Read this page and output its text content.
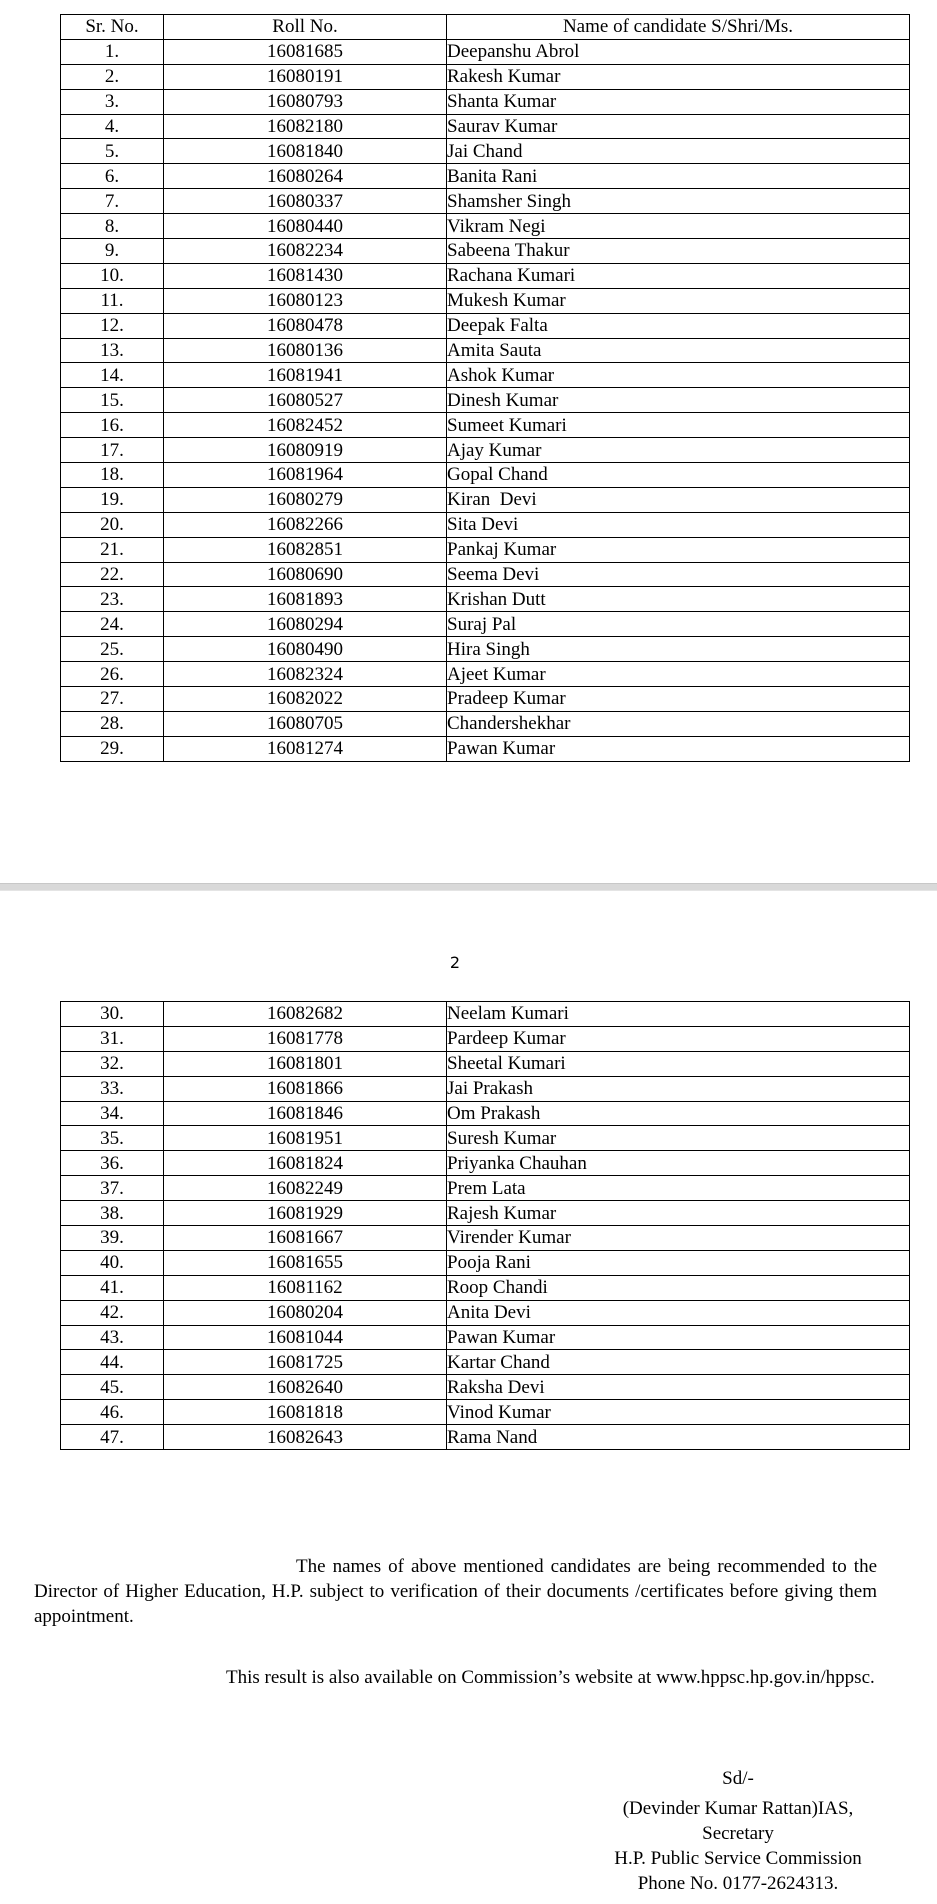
Sr. No.	Roll No.	Name of candidate S/Shri/Ms.
1.	16081685	Deepanshu Abrol
2.	16080191	Rakesh Kumar
3.	16080793	Shanta Kumar
4.	16082180	Saurav Kumar
5.	16081840	Jai Chand
6.	16080264	Banita Rani
7.	16080337	Shamsher Singh
8.	16080440	Vikram Negi
9.	16082234	Sabeena Thakur
10.	16081430	Rachana Kumari
11.	16080123	Mukesh Kumar
12.	16080478	Deepak Falta
13.	16080136	Amita Sauta
14.	16081941	Ashok Kumar
15.	16080527	Dinesh Kumar
16.	16082452	Sumeet Kumari
17.	16080919	Ajay Kumar
18.	16081964	Gopal Chand
19.	16080279	Kiran  Devi
20.	16082266	Sita Devi
21.	16082851	Pankaj Kumar
22.	16080690	Seema Devi
23.	16081893	Krishan Dutt
24.	16080294	Suraj Pal
25.	16080490	Hira Singh
26.	16082324	Ajeet Kumar
27.	16082022	Pradeep Kumar
28.	16080705	Chandershekhar
29.	16081274	Pawan Kumar
2
30.	16082682	Neelam Kumari
31.	16081778	Pardeep Kumar
32.	16081801	Sheetal Kumari
33.	16081866	Jai Prakash
34.	16081846	Om Prakash
35.	16081951	Suresh Kumar
36.	16081824	Priyanka Chauhan
37.	16082249	Prem Lata
38.	16081929	Rajesh Kumar
39.	16081667	Virender Kumar
40.	16081655	Pooja Rani
41.	16081162	Roop Chandi
42.	16080204	Anita Devi
43.	16081044	Pawan Kumar
44.	16081725	Kartar Chand
45.	16082640	Raksha Devi
46.	16081818	Vinod Kumar
47.	16082643	Rama Nand
The names of above mentioned candidates are being recommended to the Director of Higher Education, H.P. subject to verification of their documents /certificates before giving them appointment.
This result is also available on Commission’s website at www.hppsc.hp.gov.in/hppsc.
Sd/-
(Devinder Kumar Rattan)IAS,
Secretary
H.P. Public Service Commission
Phone No. 0177-2624313.
